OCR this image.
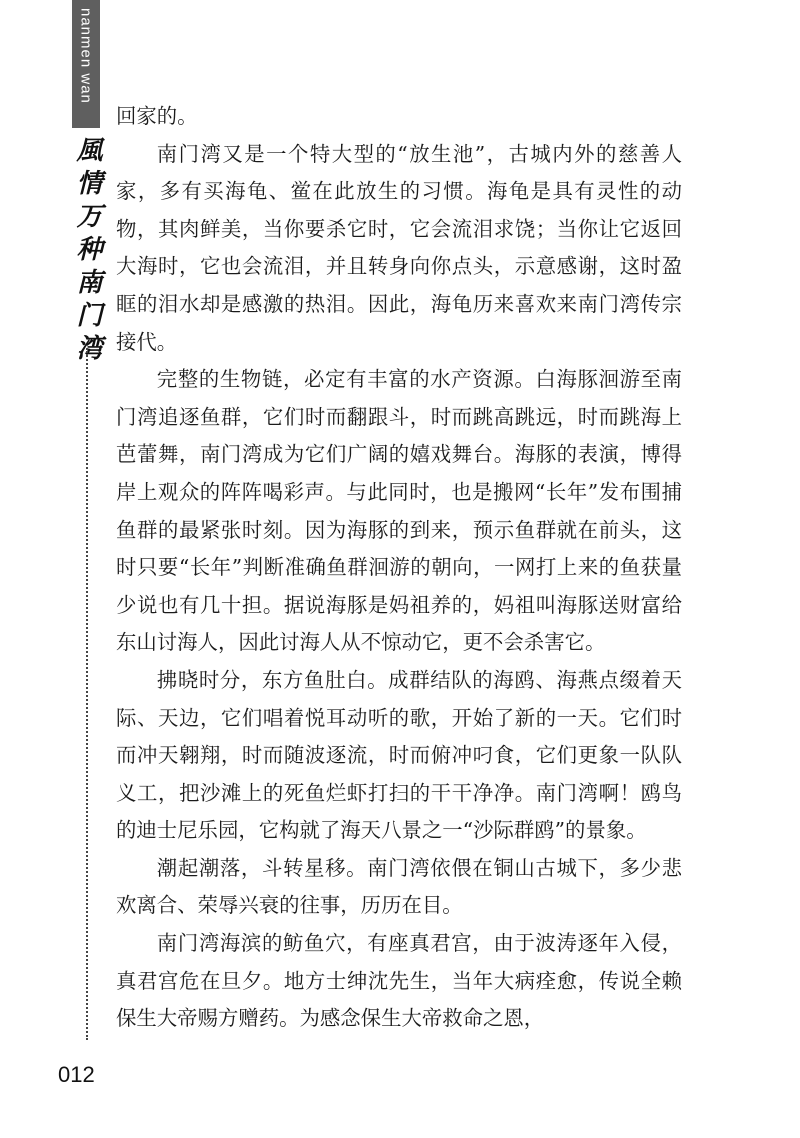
nanmen wan
風情万种南门湾

回家的。

南门湾又是一个特大型的“放生池”，古城内外的慈善人家，多有买海龟、鲎在此放生的习惯。海龟是具有灵性的动物，其肉鲜美，当你要杀它时，它会流泪求饶；当你让它返回大海时，它也会流泪，并且转身向你点头，示意感谢，这时盈眶的泪水却是感激的热泪。因此，海龟历来喜欢来南门湾传宗接代。

完整的生物链，必定有丰富的水产资源。白海豚洄游至南门湾追逐鱼群，它们时而翻跟斗，时而跳高跳远，时而跳海上芭蕾舞，南门湾成为它们广阔的嬉戏舞台。海豚的表演，博得岸上观众的阵阵喝彩声。与此同时，也是搬网“长年”发布围捕鱼群的最紧张时刻。因为海豚的到来，预示鱼群就在前头，这时只要“长年”判断准确鱼群洄游的朝向，一网打上来的鱼获量少说也有几十担。据说海豚是妈祖养的，妈祖叫海豚送财富给东山讨海人，因此讨海人从不惊动它，更不会杀害它。

拂晓时分，东方鱼肚白。成群结队的海鸥、海燕点缀着天际、天边，它们唱着悦耳动听的歌，开始了新的一天。它们时而冲天翱翔，时而随波逐流，时而俯冲叼食，它们更象一队队义工，把沙滩上的死鱼烂虾打扫的干干净净。南门湾啊！鸥鸟的迪士尼乐园，它构就了海天八景之一“沙际群鸥”的景象。

潮起潮落，斗转星移。南门湾依偎在铜山古城下，多少悲欢离合、荣辱兴衰的往事，历历在目。

南门湾海滨的鲂鱼穴，有座真君宫，由于波涛逐年入侵，真君宫危在旦夕。地方士绅沈先生，当年大病痊愈，传说全赖保生大帝赐方赠药。为感念保生大帝救命之恩，

012
